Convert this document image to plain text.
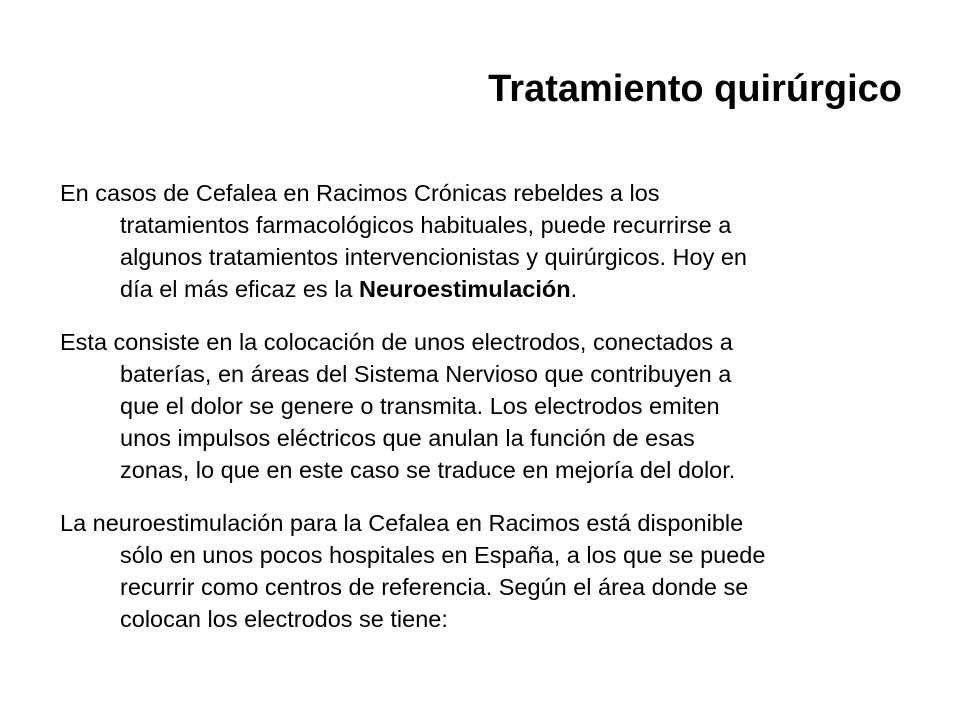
Tratamiento quirúrgico

En casos de Cefalea en Racimos Crónicas rebeldes a los
tratamientos farmacológicos habituales, puede recurrirse a
algunos tratamientos intervencionistas y quirúrgicos. Hoy en
día el más eficaz es la Neuroestimulación.

Esta consiste en la colocación de unos electrodos, conectados a
baterías, en áreas del Sistema Nervioso que contribuyen a
que el dolor se genere o transmita. Los electrodos emiten
unos impulsos eléctricos que anulan la función de esas
zonas, lo que en este caso se traduce en mejoría del dolor.

La neuroestimulación para la Cefalea en Racimos está disponible
sólo en unos pocos hospitales en España, a los que se puede
recurrir como centros de referencia. Según el área donde se
colocan los electrodos se tiene:
